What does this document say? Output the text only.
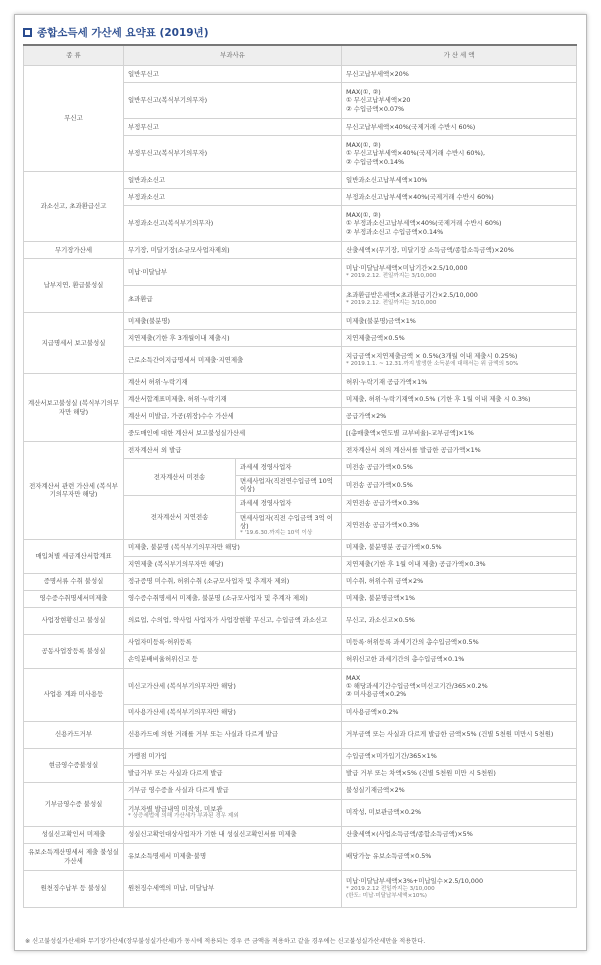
종합소득세 가산세 요약표 (2019년)
종 류	부과사유		가 산 세 액
무신고	일반무신고		무신고납부세액×20%

	일반무신고(복식부기의무자)		MAX(①, ②)
① 무신고납부세액×20
② 수입금액×0.07%

	부정무신고		무신고납부세액×40%(국제거래 수반시 60%)

	부정무신고(복식부기의무자)		MAX(①, ②)
① 무신고납부세액×40%(국제거래 수반시 60%),
② 수입금액×0.14%

과소신고, 초과환급신고	일반과소신고		일반과소신고납부세액×10%

	부정과소신고		부정과소신고납부세액×40%(국제거래 수반시 60%)

	부정과소신고(복식부기의무자)		MAX(①, ②)
① 부정과소신고납부세액×40%(국제거래 수반시 60%)
② 부정과소신고 수입금액×0.14%

무기장가산세	무기장, 미달기장(소규모사업자제외)		산출세액×(무기장, 미달기장 소득금액/종합소득금액)×20%

납부지연, 환급불성실	미납·미달납부		미납·미달납부세액×미납기간×2.5/10,000
* 2019.2.12. 전일까지는 3/10,000

	초과환급		초과환급받은세액×초과환급기간×2.5/10,000
* 2019.2.12. 전일까지는 3/10,000

지급명세서 보고불성실	미제출(불분명)		미제출(불분명)금액×1%

	지연제출(기한 후 3개월이내 제출시)		지연제출금액×0.5%

	근로소득간이지급명세서 미제출·지연제출		지급금액×지연제출금액 × 0.5%(3개월 이내 제출시 0.25%)
* 2019.1.1. ~ 12.31.까지 발생한 소득분에 대해서는 위 금액의 50%

계산서보고불성실 (복식부기의무자만 해당)	계산서 허위·누락기재		허위·누락기재 공급가액×1%

	계산서합계표미제출, 허위·누락기재		미제출, 허위·누락기재액×0.5% (기한 후 1월 이내 제출 시 0.3%)

	계산서 미발급, 가공(위장)수수 가산세		공급가액×2%

	중도매인에 대한 계산서 보고불성실가산세		[(총매출액×연도별 교부비율)-교부금액]×1%

전자계산서 관련 가산세 (복식부기의무자만 해당)	전자계산서 외 발급		전자계산서 외의 계산서를 발급한 공급가액×1%

	전자계산서 미전송	과세세 경영사업자	미전송 공급가액×0.5%

		면세사업자(직전연수입금액 10억 이상)	미전송 공급가액×0.5%

	전자계산서 지연전송	과세세 경영사업자	지연전송 공급가액×0.3%

		면세사업자(직전 수입금액 3억 이상)
* '19.6.30.까지는 10억 이상	지연전송 공급가액×0.3%

매입처별 세금계산서합계표	미제출, 불분명 (복식부기의무자만 해당)		미제출, 불분명분 공급가액×0.5%

	지연제출 (복식부기의무자만 해당)		지연제출(기한 후 1월 이내 제출) 공급가액×0.3%

증명서류 수취 불성실	정규증명 미수취, 허위수취 (소규모사업자 및 추계자 제외)		미수취, 허위수취 금액×2%

영수증수취명세서미제출	영수증수취명세서 미제출, 불분명 (소규모사업자 및 추계자 제외)		미제출, 불분명금액×1%

사업장현황신고 불성실	의료업, 수의업, 약사업 사업자가 사업장현황 무신고, 수입금액 과소신고		무신고, 과소신고×0.5%

공동사업장등록 불성실	사업자미등록·허위등록		미등록·허위등록 과세기간의 총수입금액×0.5%

	손익분배비율허위신고 등		허위신고한 과세기간의 총수입금액×0.1%

사업용 계좌 미사용등	미신고가산세 (복식부기의무자만 해당)		MAX
① 해당과세기간수입금액×미신고기간/365×0.2%
② 미사용금액×0.2%

	미사용가산세 (복식부기의무자만 해당)		미사용금액×0.2%

신용카드거부	신용카드에 의한 거래를 거부 또는 사실과 다르게 발급		거부금액 또는 사실과 다르게 발급한 금액×5% (건별 5천원 미만시 5천원)

현금영수증불성실	가맹점 미가입		수입금액×미가입기간/365×1%

	발급거부 또는 사실과 다르게 발급		발급 거부 또는 차액×5% (건별 5천원 미만 시 5천원)

기부금영수증 불성실	기부금 영수증을 사실과 다르게 발급		불성실기재금액×2%

	기부자별 발급내역 미작성, 미보관
* 상증세법에 의해 가산세가 부과된 경우 제외		미작성, 미보관금액×0.2%

성실신고확인서 미제출	성실신고확인대상사업자가 기한 내 성실신고확인서를 미제출		산출세액×(사업소득금액/종합소득금액)×5%

유보소득계산명세서 제출 불성실가산세	유보소득명세서 미제출·불명		배당가능 유보소득금액×0.5%

원천징수납부 등 불성실	원천징수세액의 미납, 미달납부		미납·미달납부세액×3%+미납일수×2.5/10,000
* 2019.2.12 전일까지는 3/10,000
(한도: 미납·미달납부세액×10%)
※ 신고불성실가산세와 무기장가산세(장부불성실가산세)가 동시에 적용되는 경우 큰 금액을 적용하고 같을 경우에는 신고불성실가산세만을 적용한다.
